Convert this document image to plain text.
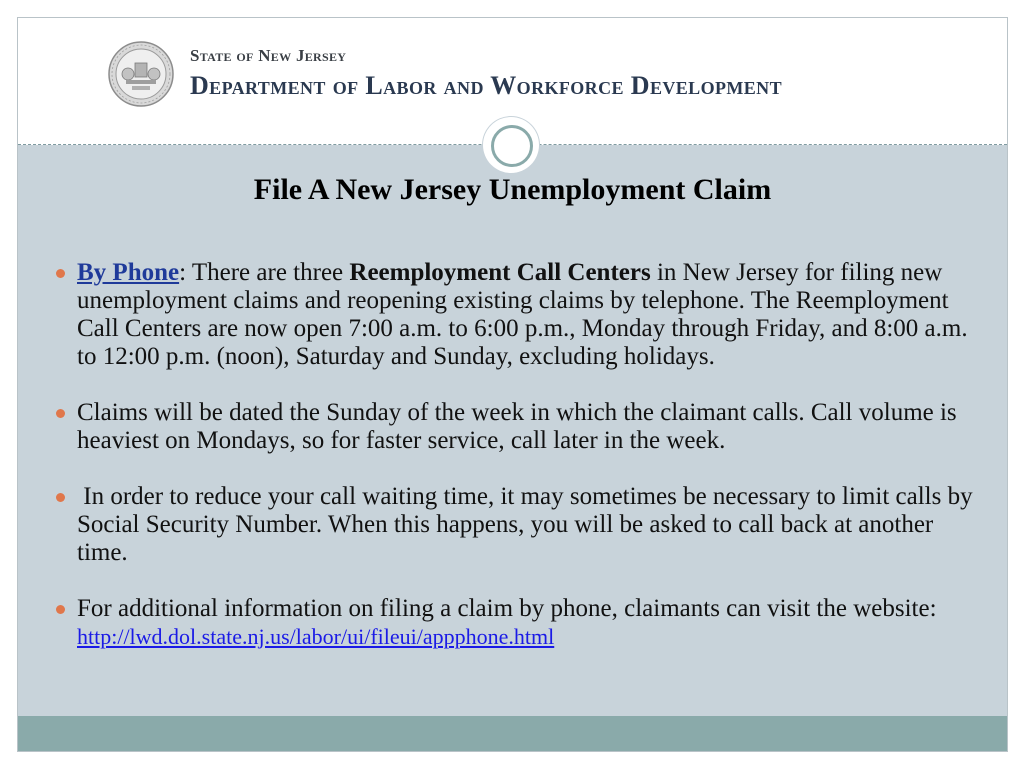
State of New Jersey
Department of Labor and Workforce Development
File A New Jersey Unemployment Claim
By Phone: There are three Reemployment Call Centers in New Jersey for filing new unemployment claims and reopening existing claims by telephone. The Reemployment Call Centers are now open 7:00 a.m. to 6:00 p.m., Monday through Friday, and 8:00 a.m. to 12:00 p.m. (noon), Saturday and Sunday, excluding holidays.
Claims will be dated the Sunday of the week in which the claimant calls. Call volume is heaviest on Mondays, so for faster service, call later in the week.
In order to reduce your call waiting time, it may sometimes be necessary to limit calls by Social Security Number. When this happens, you will be asked to call back at another time.
For additional information on filing a claim by phone, claimants can visit the website: http://lwd.dol.state.nj.us/labor/ui/fileui/appphone.html
